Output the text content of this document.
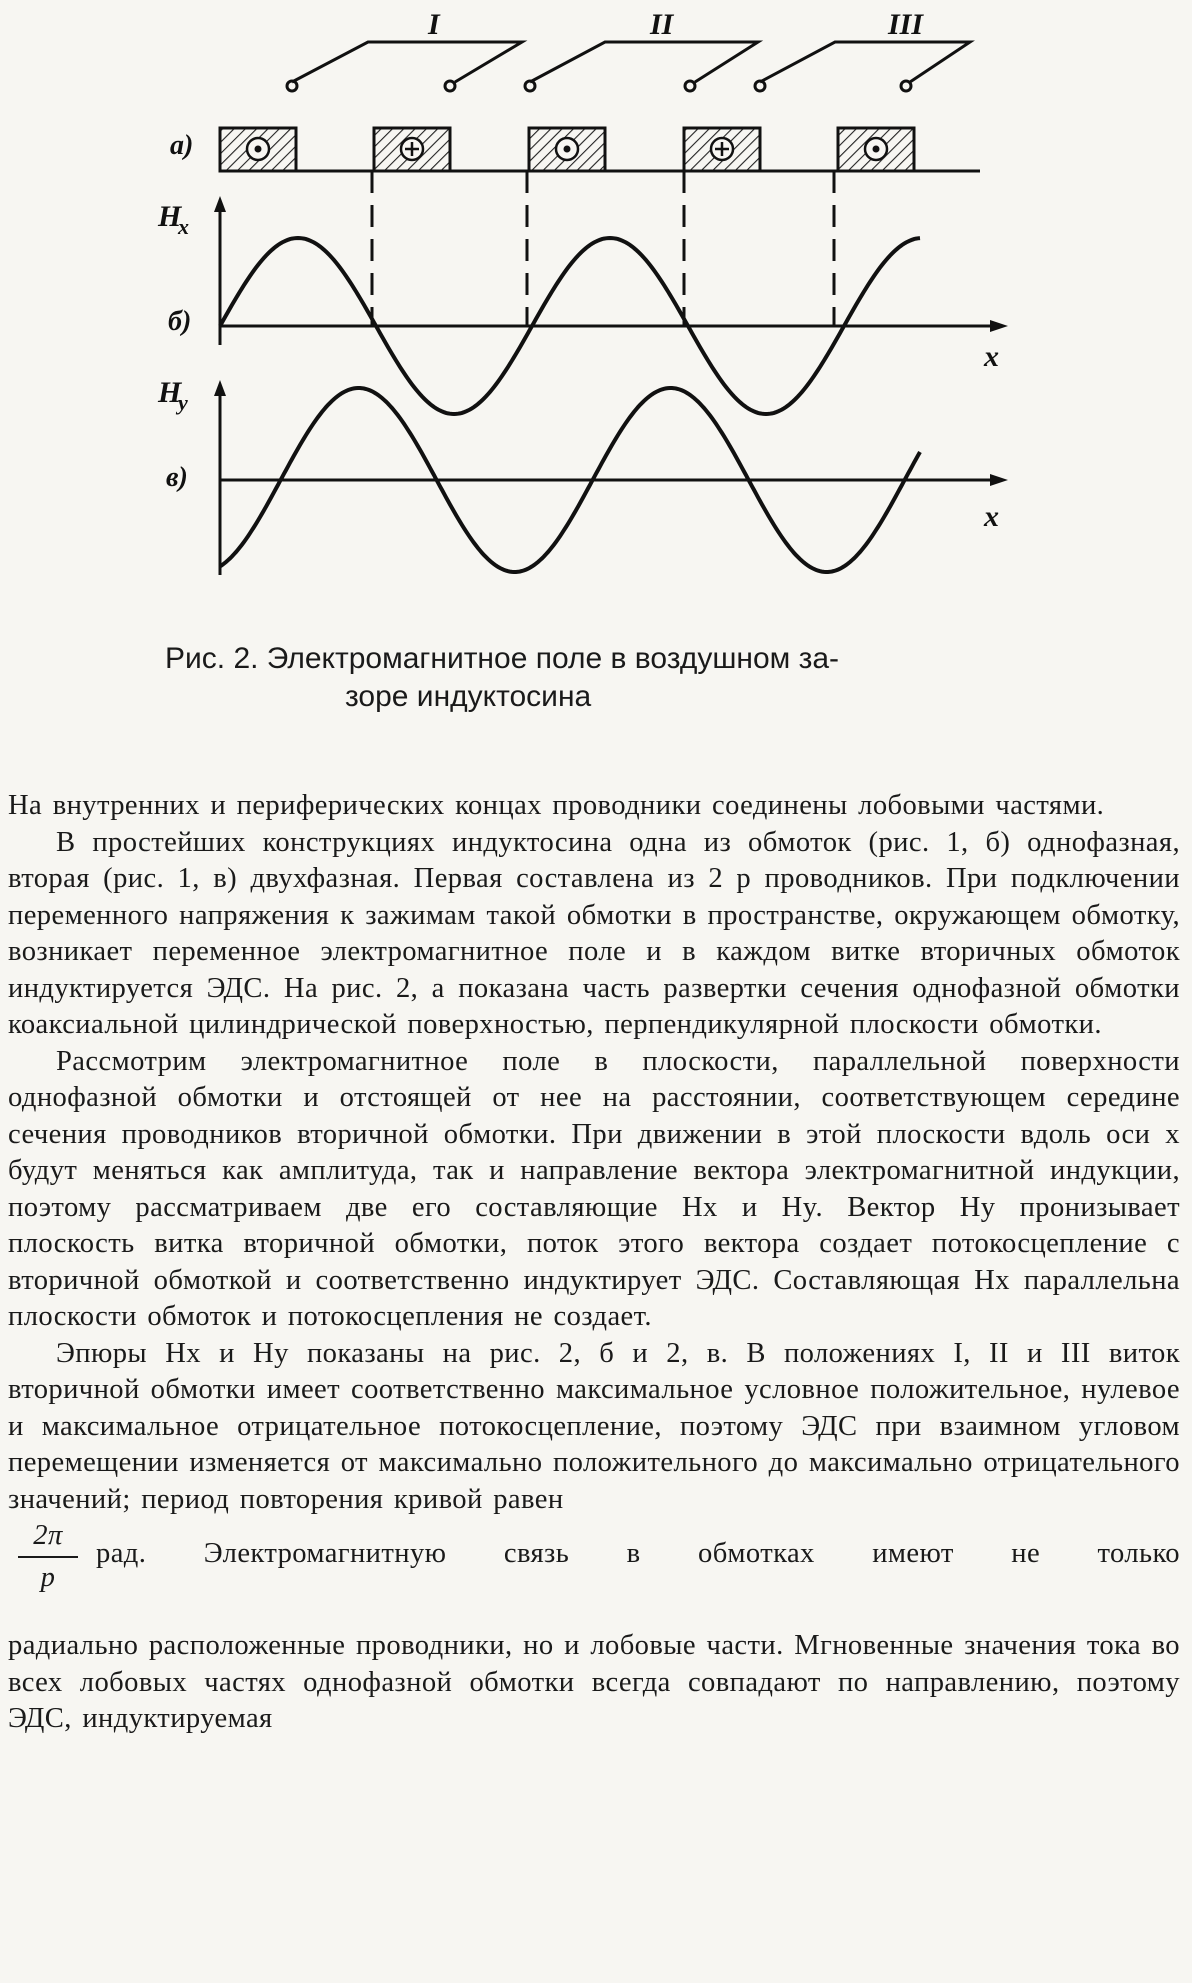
I	II	III
а)
H
x
б)
x
H
y
в)
x
Рис. 2. Электромагнитное поле в воздушном за-
зоре индуктосина

На внутренних и периферических концах проводники соединены лобовыми частями.

В простейших конструкциях индуктосина одна из обмоток (рис. 1, б) однофазная, вторая (рис. 1, в) двухфазная. Первая составлена из 2 р проводников. При подключении переменного напряжения к зажимам такой обмотки в пространстве, окружающем обмотку, возникает переменное электромагнитное поле и в каждом витке вторичных обмоток индуктируется ЭДС. На рис. 2, а показана часть развертки сечения однофазной обмотки коаксиальной цилиндрической поверхностью, перпендикулярной плоскости обмотки.

Рассмотрим электромагнитное поле в плоскости, параллельной поверхности однофазной обмотки и отстоящей от нее на расстоянии, соответствующем середине сечения проводников вторичной обмотки. При движении в этой плоскости вдоль оси x будут меняться как амплитуда, так и направление вектора электромагнитной индукции, поэтому рассматриваем две его составляющие Hx и Hy. Вектор Hy пронизывает плоскость витка вторичной обмотки, поток этого вектора создает потокосцепление с вторичной обмоткой и соответственно индуктирует ЭДС. Составляющая Hx параллельна плоскости обмоток и потокосцепления не создает.

Эпюры Hx и Hy показаны на рис. 2, б и 2, в. В положениях I, II и III виток вторичной обмотки имеет соответственно максимальное условное положительное, нулевое и максимальное отрицательное потокосцепление, поэтому ЭДС при взаимном угловом перемещении изменяется от максимально положительного до максимально отрицательного значений; период повторения кривой равен

2π
p
рад. Электромагнитную связь в обмотках имеют не только

радиально расположенные проводники, но и лобовые части. Мгновенные значения тока во всех лобовых частях однофазной обмотки всегда совпадают по направлению, поэтому ЭДС, индуктируемая
